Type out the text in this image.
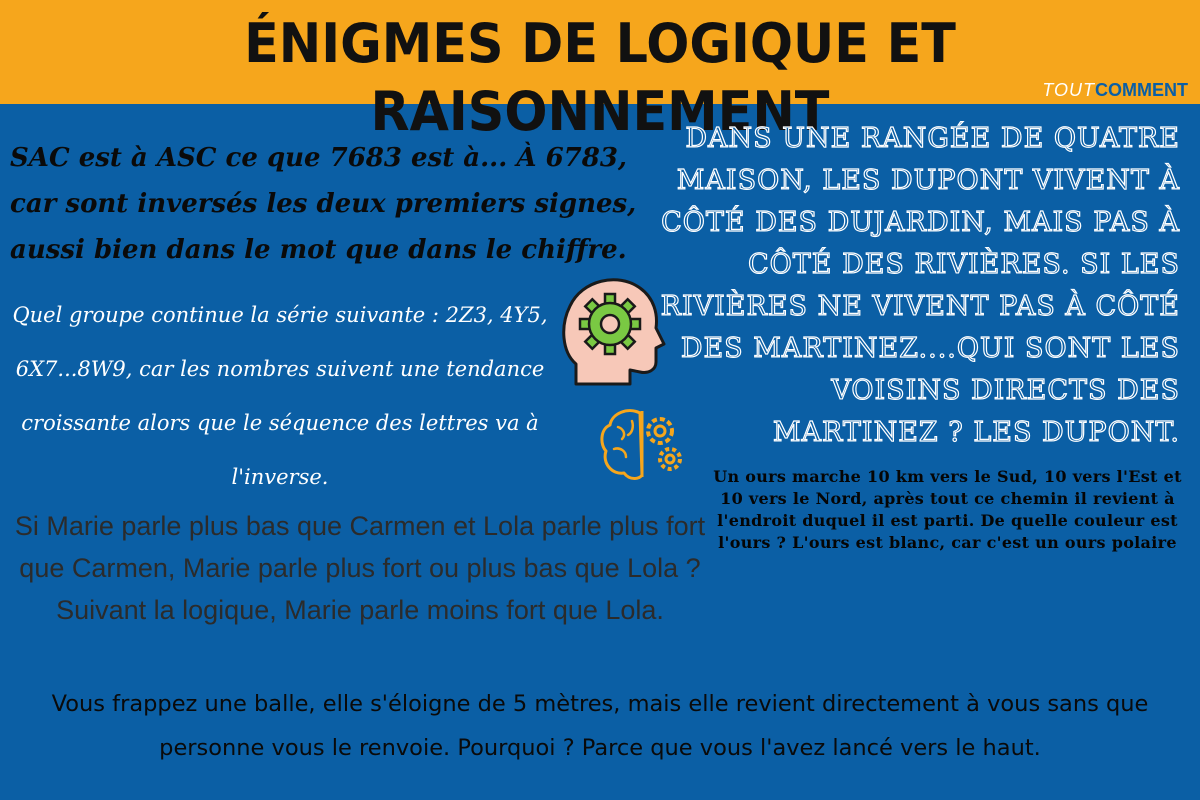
ÉNIGMES DE LOGIQUE ET RAISONNEMENT	TOUTCOMMENT

SAC est à ASC ce que 7683 est à... À 6783, car sont inversés les deux premiers signes, aussi bien dans le mot que dans le chiffre.

Quel groupe continue la série suivante : 2Z3, 4Y5, 6X7...8W9, car les nombres suivent une tendance croissante alors que le séquence des lettres va à l'inverse.

Si Marie parle plus bas que Carmen et Lola parle plus fort que Carmen, Marie parle plus fort ou plus bas que Lola ? Suivant la logique, Marie parle moins fort que Lola.

DANS UNE RANGÉE DE QUATRE MAISON, LES DUPONT VIVENT À CÔTÉ DES DUJARDIN, MAIS PAS À CÔTÉ DES RIVIÈRES. SI LES RIVIÈRES NE VIVENT PAS À CÔTÉ DES MARTINEZ....QUI SONT LES VOISINS DIRECTS DES MARTINEZ ? LES DUPONT.

Un ours marche 10 km vers le Sud, 10 vers l'Est et 10 vers le Nord, après tout ce chemin il revient à l'endroit duquel il est parti. De quelle couleur est l'ours ? L'ours est blanc, car c'est un ours polaire

Vous frappez une balle, elle s'éloigne de 5 mètres, mais elle revient directement à vous sans que personne vous le renvoie. Pourquoi ? Parce que vous l'avez lancé vers le haut.
